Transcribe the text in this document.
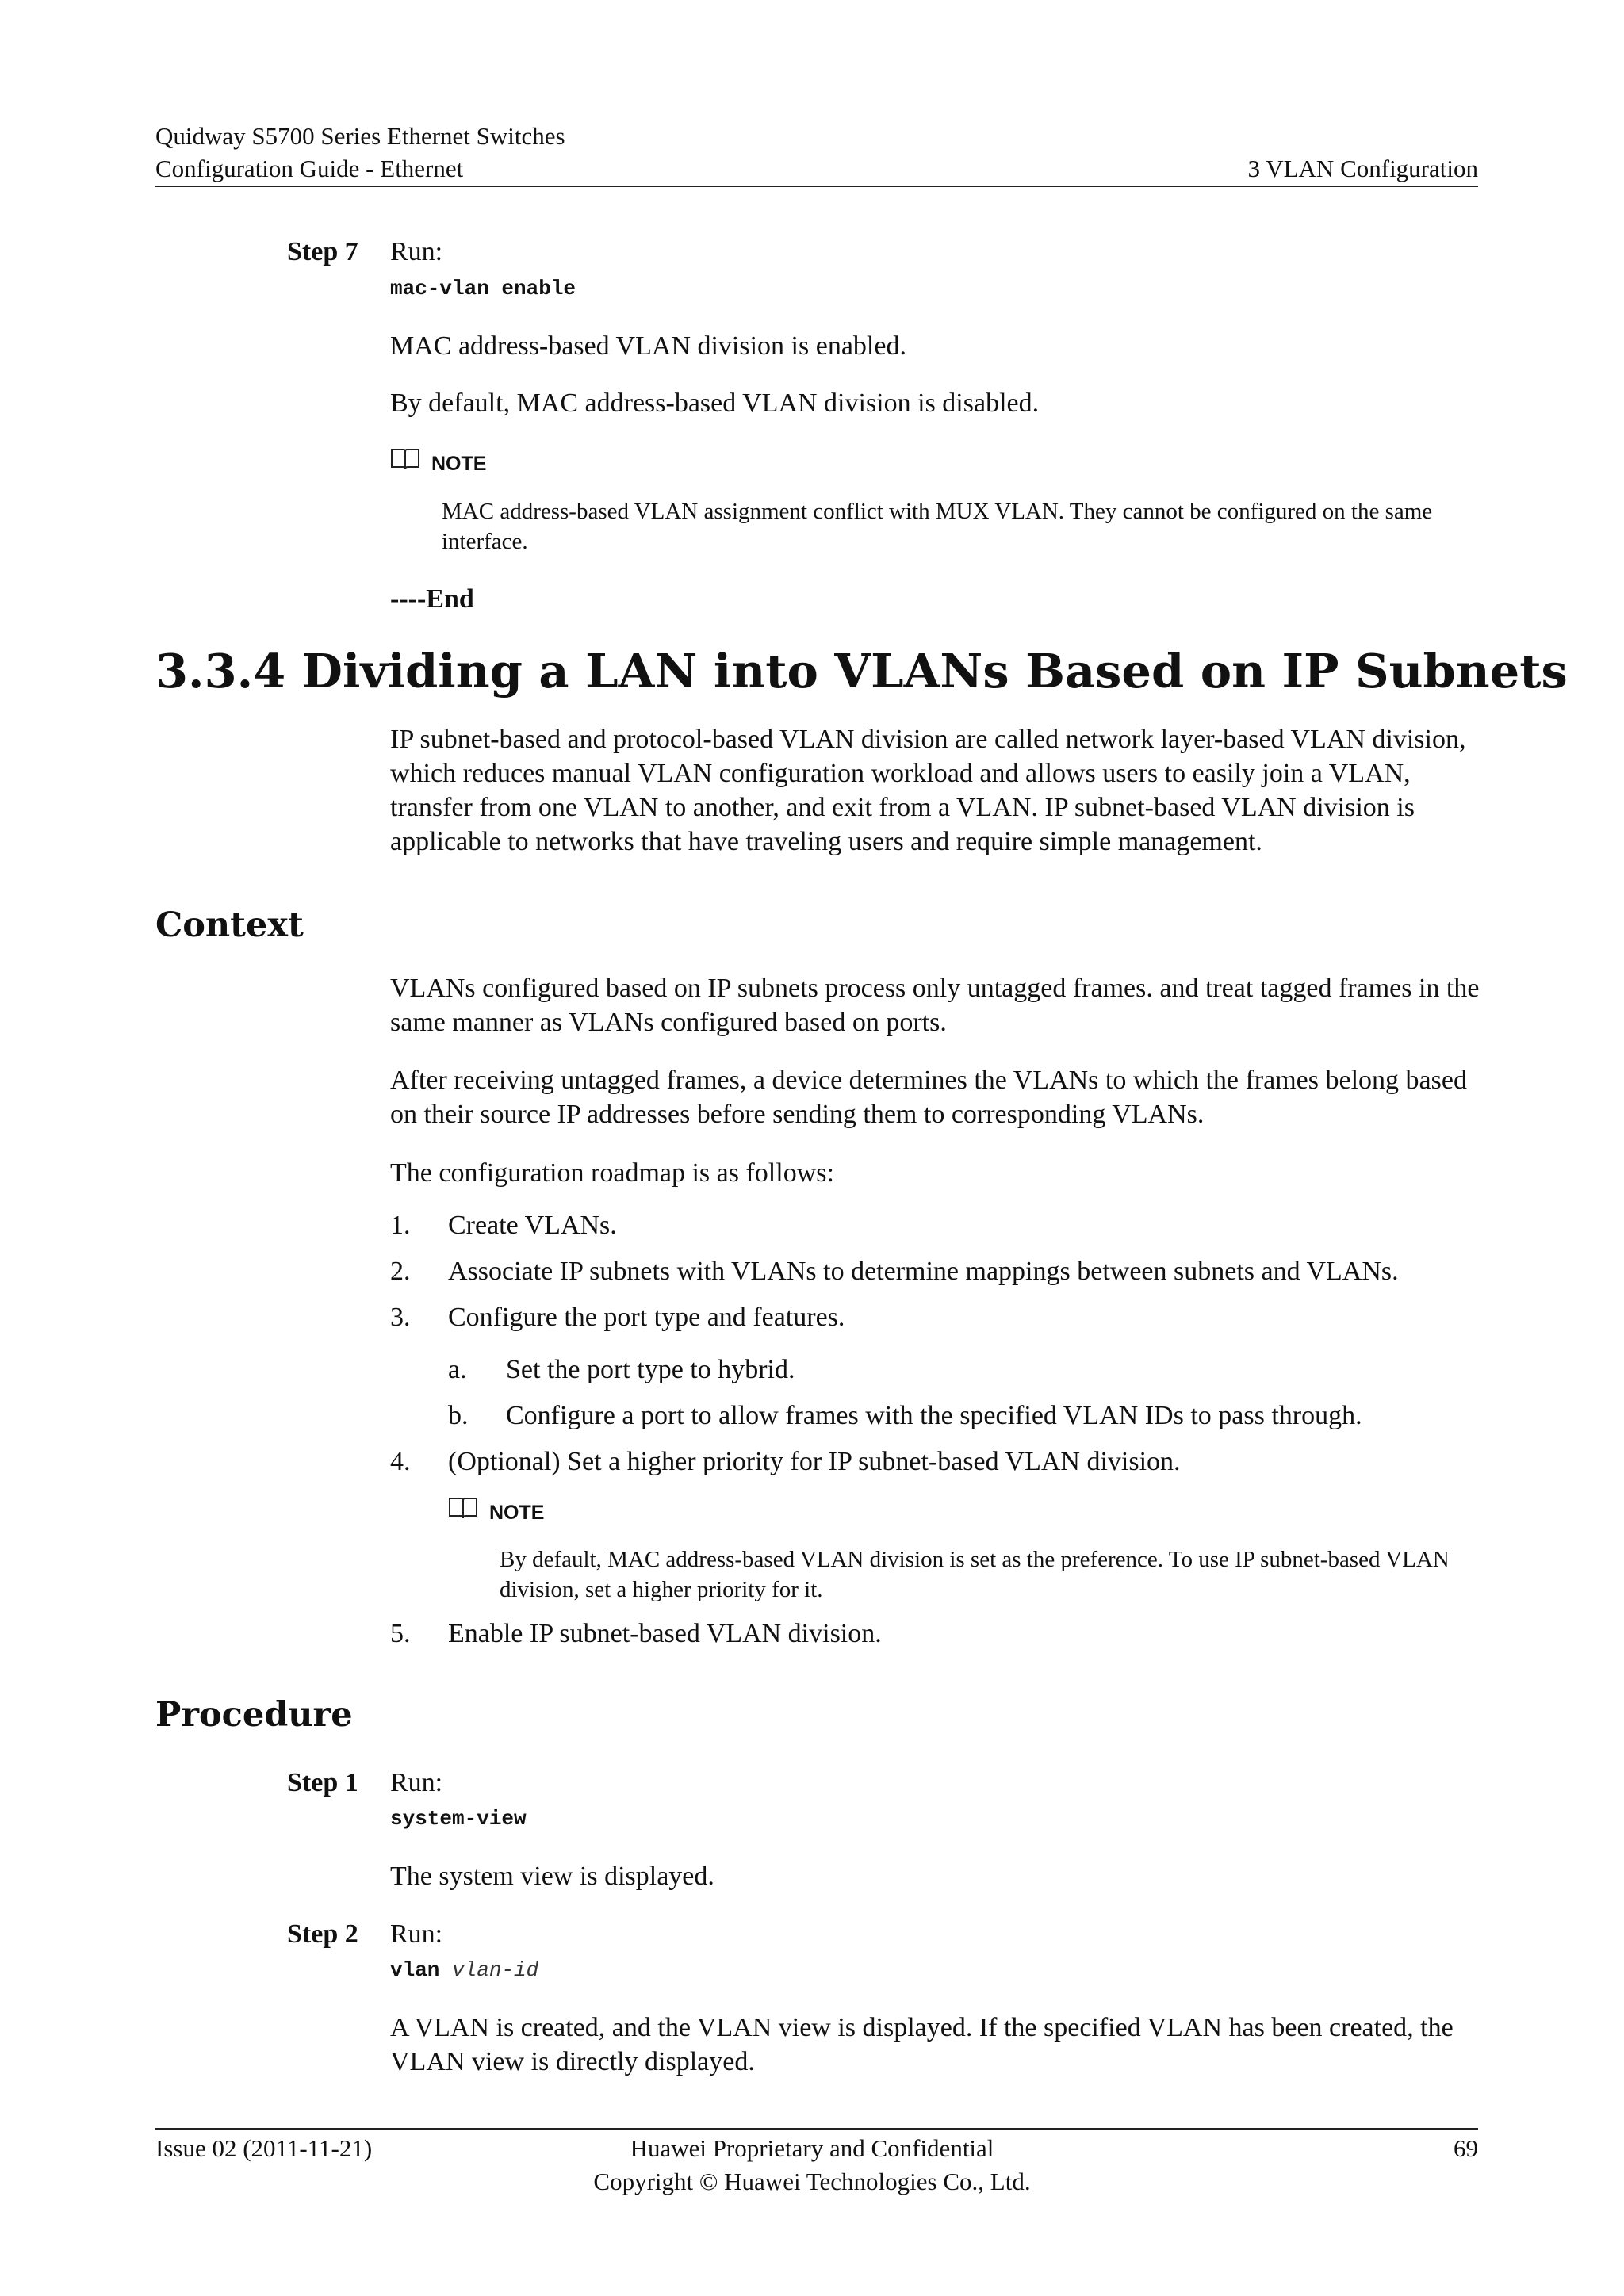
Quidway S5700 Series Ethernet Switches
Configuration Guide - Ethernet	3 VLAN Configuration
Step 7 Run:
mac-vlan enable
MAC address-based VLAN division is enabled.
By default, MAC address-based VLAN division is disabled.
NOTE
MAC address-based VLAN assignment conflict with MUX VLAN. They cannot be configured on the same interface.
----End
3.3.4 Dividing a LAN into VLANs Based on IP Subnets
IP subnet-based and protocol-based VLAN division are called network layer-based VLAN division, which reduces manual VLAN configuration workload and allows users to easily join a VLAN, transfer from one VLAN to another, and exit from a VLAN. IP subnet-based VLAN division is applicable to networks that have traveling users and require simple management.
Context
VLANs configured based on IP subnets process only untagged frames. and treat tagged frames in the same manner as VLANs configured based on ports.
After receiving untagged frames, a device determines the VLANs to which the frames belong based on their source IP addresses before sending them to corresponding VLANs.
The configuration roadmap is as follows:
1. Create VLANs.
2. Associate IP subnets with VLANs to determine mappings between subnets and VLANs.
3. Configure the port type and features.
a. Set the port type to hybrid.
b. Configure a port to allow frames with the specified VLAN IDs to pass through.
4. (Optional) Set a higher priority for IP subnet-based VLAN division.
NOTE
By default, MAC address-based VLAN division is set as the preference. To use IP subnet-based VLAN division, set a higher priority for it.
5. Enable IP subnet-based VLAN division.
Procedure
Step 1 Run:
system-view
The system view is displayed.
Step 2 Run:
vlan vlan-id
A VLAN is created, and the VLAN view is displayed. If the specified VLAN has been created, the VLAN view is directly displayed.
Issue 02 (2011-11-21)	Huawei Proprietary and Confidential
Copyright © Huawei Technologies Co., Ltd.
69
